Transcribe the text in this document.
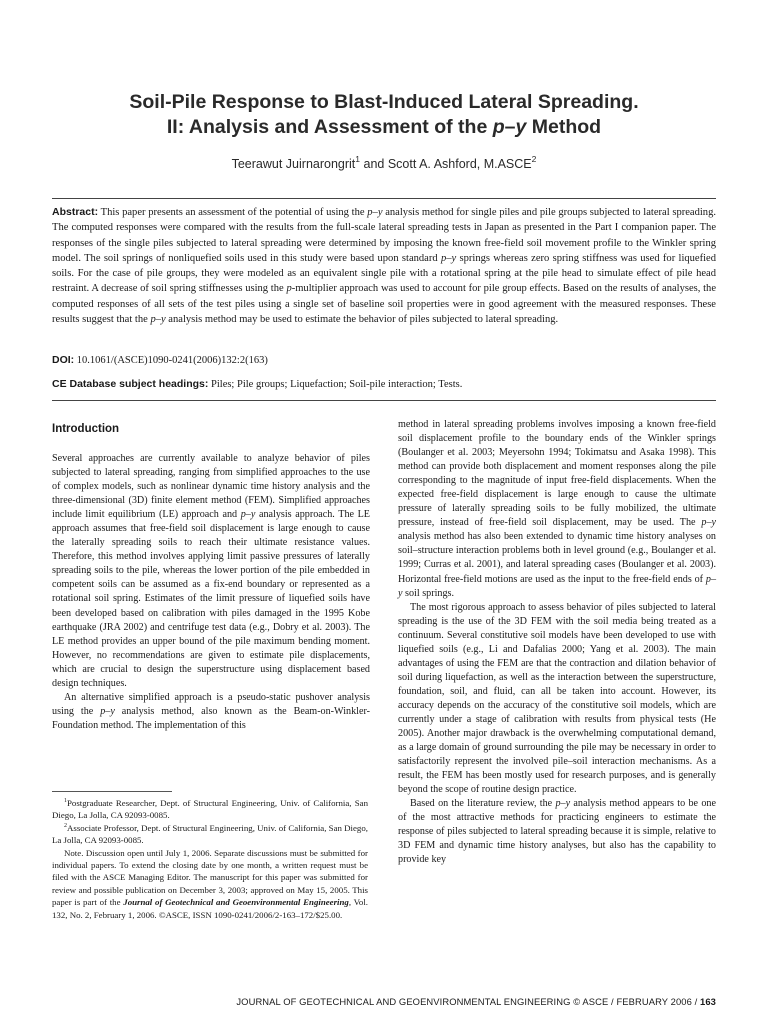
Soil-Pile Response to Blast-Induced Lateral Spreading.
II: Analysis and Assessment of the p–y Method
Teerawut Juirnarongrit$^1$ and Scott A. Ashford, M.ASCE$^2$
Abstract: This paper presents an assessment of the potential of using the p–y analysis method for single piles and pile groups subjected to lateral spreading. The computed responses were compared with the results from the full-scale lateral spreading tests in Japan as presented in the Part I companion paper. The responses of the single piles subjected to lateral spreading were determined by imposing the known free-field soil movement profile to the Winkler spring model. The soil springs of nonliquefied soils used in this study were based upon standard p–y springs whereas zero spring stiffness was used for liquefied soils. For the case of pile groups, they were modeled as an equivalent single pile with a rotational spring at the pile head to simulate effect of pile head restraint. A decrease of soil spring stiffnesses using the p-multiplier approach was used to account for pile group effects. Based on the results of analyses, the computed responses of all sets of the test piles using a single set of baseline soil properties were in good agreement with the measured responses. These results suggest that the p–y analysis method may be used to estimate the behavior of piles subjected to lateral spreading.
DOI: 10.1061/(ASCE)1090-0241(2006)132:2(163)
CE Database subject headings: Piles; Pile groups; Liquefaction; Soil-pile interaction; Tests.
Introduction

Several approaches are currently available to analyze behavior of piles subjected to lateral spreading, ranging from simplified approaches to the use of complex models, such as nonlinear dynamic time history analysis and the three-dimensional (3D) finite element method (FEM). Simplified approaches include limit equilibrium (LE) approach and p–y analysis approach. The LE approach assumes that free-field soil displacement is large enough to cause the laterally spreading soils to reach their ultimate resistance values. Therefore, this method involves applying limit passive pressures of laterally spreading soils to the pile, whereas the lower portion of the pile embedded in competent soils can be assumed as a fix-end boundary or represented as a rotational soil spring. Estimates of the limit pressure of liquefied soils have been developed based on calibration with piles damaged in the 1995 Kobe earthquake (JRA 2002) and centrifuge test data (e.g., Dobry et al. 2003). The LE method provides an upper bound of the pile maximum bending moment. However, no recommendations are given to estimate pile displacements, which are crucial to design the superstructure using displacement based design techniques.

An alternative simplified approach is a pseudo-static pushover analysis using the p–y analysis method, also known as the Beam-on-Winkler-Foundation method. The implementation of this

$^1$Postgraduate Researcher, Dept. of Structural Engineering, Univ. of California, San Diego, La Jolla, CA 92093-0085.

$^2$Associate Professor, Dept. of Structural Engineering, Univ. of California, San Diego, La Jolla, CA 92093-0085.

Note. Discussion open until July 1, 2006. Separate discussions must be submitted for individual papers. To extend the closing date by one month, a written request must be filed with the ASCE Managing Editor. The manuscript for this paper was submitted for review and possible publication on December 3, 2003; approved on May 15, 2005. This paper is part of the Journal of Geotechnical and Geoenvironmental Engineering, Vol. 132, No. 2, February 1, 2006. ©ASCE, ISSN 1090-0241/2006/2-163–172/$25.00.

method in lateral spreading problems involves imposing a known free-field soil displacement profile to the boundary ends of the Winkler springs (Boulanger et al. 2003; Meyersohn 1994; Tokimatsu and Asaka 1998). This method can provide both displacement and moment responses along the pile corresponding to the magnitude of input free-field displacements. When the expected free-field displacement is large enough to cause the ultimate pressure of laterally spreading soils to be fully mobilized, the ultimate pressure, instead of free-field soil displacement, may be used. The p–y analysis method has also been extended to dynamic time history analyses on soil–structure interaction problems both in level ground (e.g., Boulanger et al. 1999; Curras et al. 2001), and lateral spreading cases (Boulanger et al. 2003). Horizontal free-field motions are used as the input to the free-field ends of p–y soil springs.

The most rigorous approach to assess behavior of piles subjected to lateral spreading is the use of the 3D FEM with the soil media being treated as a continuum. Several constitutive soil models have been developed to use with liquefied soils (e.g., Li and Dafalias 2000; Yang et al. 2003). The main advantages of using the FEM are that the contraction and dilation behavior of soil during liquefaction, as well as the interaction between the superstructure, foundation, soil, and fluid, can all be taken into account. However, its accuracy depends on the accuracy of the constitutive soil models, which are currently under a stage of calibration with results from physical tests (He 2005). Another major drawback is the overwhelming computational demand, as a large domain of ground surrounding the pile may be necessary in order to satisfactorily represent the involved pile–soil interaction mechanisms. As a result, the FEM has been mostly used for research purposes, and is generally beyond the scope of routine design practice.

Based on the literature review, the p–y analysis method appears to be one of the most attractive methods for practicing engineers to estimate the response of piles subjected to lateral spreading because it is simple, relative to 3D FEM and dynamic time history analyses, but also has the capability to provide key

JOURNAL OF GEOTECHNICAL AND GEOENVIRONMENTAL ENGINEERING © ASCE / FEBRUARY 2006 / 163
